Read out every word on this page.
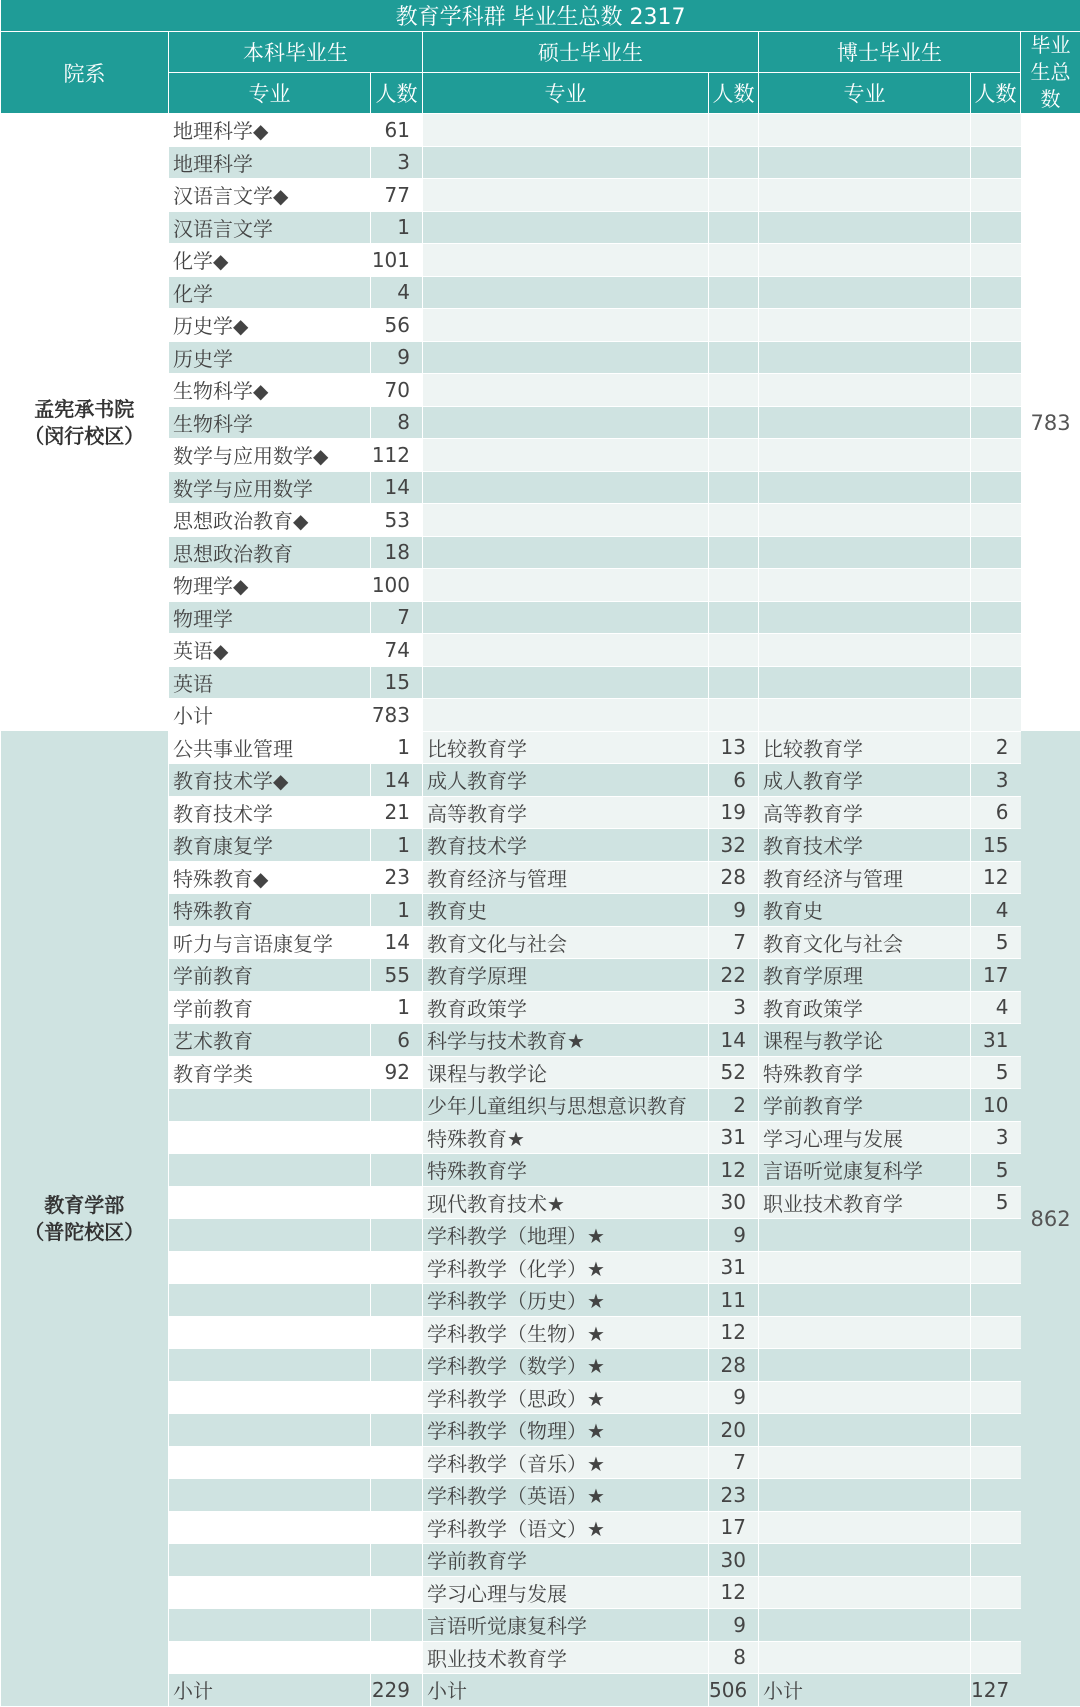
教育学科群 毕业生总数 2317							
院系	本科毕业生		硕士毕业生		博士毕业生		毕业生总数
	专业	人数	专业	人数	专业	人数	

孟宪承书院
（闵行校区）	地理科学◆	61					783
	地理科学	3					
	汉语言文学◆	77					
	汉语言文学	1					
	化学◆	101					
	化学	4					
	历史学◆	56					
	历史学	9					
	生物科学◆	70					
	生物科学	8					
	数学与应用数学◆	112					
	数学与应用数学	14					
	思想政治教育◆	53					
	思想政治教育	18					
	物理学◆	100					
	物理学	7					
	英语◆	74					
	英语	15					
	小计	783					

教育学部
（普陀校区）	公共事业管理	1	比较教育学	13	比较教育学	2	862
	教育技术学◆	14	成人教育学	6	成人教育学	3	
	教育技术学	21	高等教育学	19	高等教育学	6	
	教育康复学	1	教育技术学	32	教育技术学	15	
	特殊教育◆	23	教育经济与管理	28	教育经济与管理	12	
	特殊教育	1	教育史	9	教育史	4	
	听力与言语康复学	14	教育文化与社会	7	教育文化与社会	5	
	学前教育	55	教育学原理	22	教育学原理	17	
	学前教育	1	教育政策学	3	教育政策学	4	
	艺术教育	6	科学与技术教育★	14	课程与教学论	31	
	教育学类	92	课程与教学论	52	特殊教育学	5	
			少年儿童组织与思想意识教育	2	学前教育学	10	
			特殊教育★	31	学习心理与发展	3	
			特殊教育学	12	言语听觉康复科学	5	
			现代教育技术★	30	职业技术教育学	5	
			学科教学（地理）★	9			
			学科教学（化学）★	31			
			学科教学（历史）★	11			
			学科教学（生物）★	12			
			学科教学（数学）★	28			
			学科教学（思政）★	9			
			学科教学（物理）★	20			
			学科教学（音乐）★	7			
			学科教学（英语）★	23			
			学科教学（语文）★	17			
			学前教育学	30			
			学习心理与发展	12			
			言语听觉康复科学	9			
			职业技术教育学	8			
	小计	229	小计	506	小计	127	
